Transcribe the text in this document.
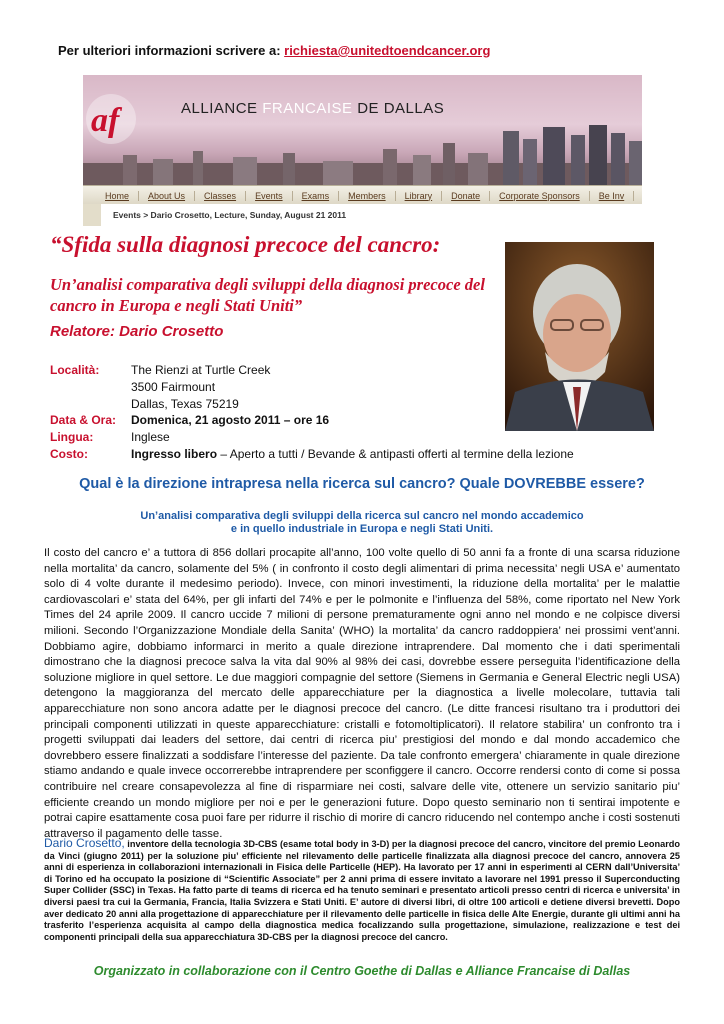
Per ulteriori informazioni scrivere a: richiesta@unitedtoendcancer.org
af	ALLIANCE FRANCAISE DE DALLAS
Home	About Us	Classes	Events	Exams	Members	Library	Donate	Corporate Sponsors	Be Inv
Events > Dario Crosetto, Lecture, Sunday, August 21 2011
“Sfida sulla diagnosi precoce del cancro:
Un’analisi comparativa degli sviluppi della diagnosi precoce del cancro in Europa e negli Stati Uniti”
Relatore: Dario Crosetto
Località:	The Rienzi at Turtle Creek
3500 Fairmount
Dallas, Texas 75219
Data & Ora: Domenica, 21 agosto 2011 – ore 16
Lingua:	Inglese
Costo:	Ingresso libero – Aperto a tutti / Bevande & antipasti offerti al termine della lezione
Qual è la direzione intrapresa nella ricerca sul cancro? Quale DOVREBBE essere?
Un’analisi comparativa degli sviluppi della ricerca sul cancro nel mondo accademico
e in quello industriale in Europa e negli Stati Uniti.
Il costo del cancro e’ a tuttora di 856 dollari procapite all’anno, 100 volte quello di 50 anni fa a fronte di una scarsa riduzione nella mortalita’ da cancro, solamente del 5% ( in confronto il costo degli alimentari di prima necessita’ negli USA e’ aumentato solo di 4 volte durante il medesimo periodo). Invece, con minori investimenti, la riduzione della mortalita’ per le malattie cardiovascolari e’ stata del 64%, per gli infarti del 74% e per le polmonite e l’influenza del 58%, come riportato nel New York Times del 24 aprile 2009. Il cancro uccide 7 milioni di persone prematuramente ogni anno nel mondo e ne colpisce diversi milioni. Secondo l’Organizzazione Mondiale della Sanita’ (WHO) la mortalita’ da cancro raddoppiera’ nei prossimi vent’anni. Dobbiamo agire, dobbiamo informarci in merito a quale direzione intraprendere. Dal momento che i dati sperimentali dimostrano che la diagnosi precoce salva la vita dal 90% al 98% dei casi, dovrebbe essere perseguita l’identificazione della soluzione migliore in quel settore. Le due maggiori compagnie del settore (Siemens in Germania e General Electric negli USA) detengono la maggioranza del mercato delle apparecchiature per la diagnostica a livelle molecolare, tuttavia tali apparecchiature non sono ancora adatte per le diagnosi precoce del cancro. (Le ditte francesi risultano tra i produttori dei principali componenti utilizzati in queste apparecchiature: cristalli e fotomoltiplicatori). Il relatore stabilira’ un confronto tra i progetti sviluppati dai leaders del settore, dai centri di ricerca piu’ prestigiosi del mondo e dal mondo accademico che dovrebbero essere finalizzati a soddisfare l’interesse del paziente. Da tale confronto emergera’ chiaramente in quale direzione stiamo andando e quale invece occorrerebbe intraprendere per sconfiggere il cancro. Occorre rendersi conto di come si possa contribuire nel creare consapevolezza al fine di risparmiare nei costi, salvare delle vite, ottenere un servizio sanitario piu’ efficiente creando un mondo migliore per noi e per le generazioni future. Dopo questo seminario non ti sentirai impotente e potrai capire esattamente cosa puoi fare per ridurre il rischio di morire di cancro riducendo nel contempo anche i costi sostenuti attraverso il pagamento delle tasse.
Dario Crosetto, inventore della tecnologia 3D-CBS (esame total body in 3-D) per la diagnosi precoce del cancro, vincitore del premio Leonardo da Vinci (giugno 2011) per la soluzione piu’ efficiente nel rilevamento delle particelle finalizzata alla diagnosi precoce del cancro, annovera 25 anni di esperienza in collaborazioni internazionali in Fisica delle Particelle (HEP). Ha lavorato per 17 anni in esperimenti al CERN dall’Universita’ di Torino ed ha occupato la posizione di “Scientific Associate” per 2 anni prima di essere invitato a lavorare nel 1991 presso il Superconducting Super Collider (SSC) in Texas. Ha fatto parte di teams di ricerca ed ha tenuto seminari e presentato articoli presso centri di ricerca e universita’ in diversi paesi tra cui la Germania, Francia, Italia Svizzera e Stati Uniti. E’ autore di diversi libri, di oltre 100 articoli e detiene diversi brevetti. Dopo aver dedicato 20 anni alla progettazione di apparecchiature per il rilevamento delle particelle in fisica delle Alte Energie, durante gli ultimi anni ha trasferito l’esperienza acquisita al campo della diagnostica medica focalizzando sulla progettazione, simulazione, realizzazione e test dei componenti principali della sua apparecchiatura 3D-CBS per la diagnosi precoce del cancro.
Organizzato in collaborazione con il Centro Goethe di Dallas e Alliance Francaise di Dallas
